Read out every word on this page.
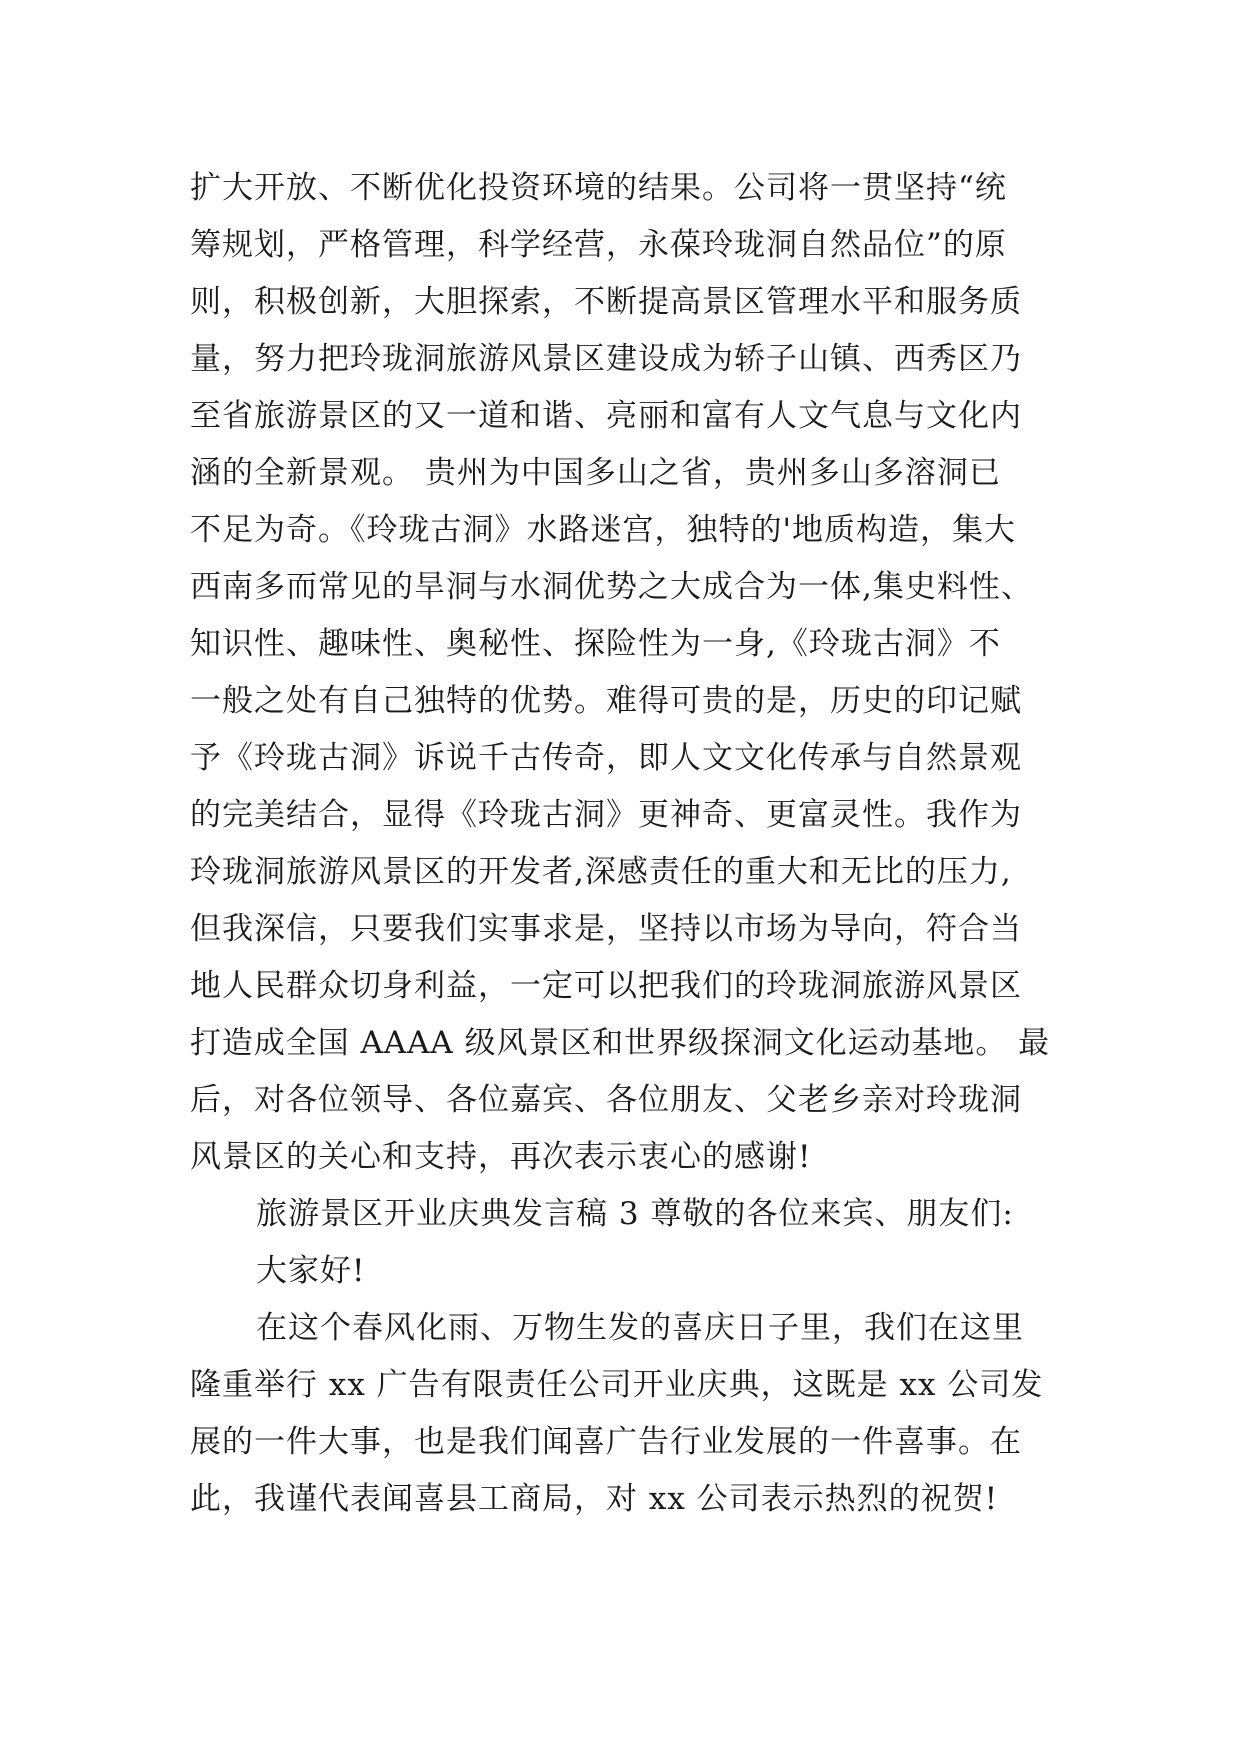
扩大开放、不断优化投资环境的结果。公司将一贯坚持“统
筹规划，严格管理，科学经营，永葆玲珑洞自然品位”的原
则，积极创新，大胆探索，不断提高景区管理水平和服务质
量，努力把玲珑洞旅游风景区建设成为轿子山镇、西秀区乃
至省旅游景区的又一道和谐、亮丽和富有人文气息与文化内
涵的全新景观。 贵州为中国多山之省，贵州多山多溶洞已
不足为奇。《玲珑古洞》水路迷宫，独特的'地质构造，集大
西南多而常见的旱洞与水洞优势之大成合为一体,集史料性、
知识性、趣味性、奥秘性、探险性为一身,《玲珑古洞》不
一般之处有自己独特的优势。难得可贵的是，历史的印记赋
予《玲珑古洞》诉说千古传奇，即人文文化传承与自然景观
的完美结合，显得《玲珑古洞》更神奇、更富灵性。我作为
玲珑洞旅游风景区的开发者,深感责任的重大和无比的压力,
但我深信，只要我们实事求是，坚持以市场为导向，符合当
地人民群众切身利益，一定可以把我们的玲珑洞旅游风景区
打造成全国 AAAA 级风景区和世界级探洞文化运动基地。 最
后，对各位领导、各位嘉宾、各位朋友、父老乡亲对玲珑洞
风景区的关心和支持，再次表示衷心的感谢!
旅游景区开业庆典发言稿 3 尊敬的各位来宾、朋友们:
大家好!
在这个春风化雨、万物生发的喜庆日子里，我们在这里
隆重举行 xx 广告有限责任公司开业庆典，这既是 xx 公司发
展的一件大事，也是我们闻喜广告行业发展的一件喜事。在
此，我谨代表闻喜县工商局，对 xx 公司表示热烈的祝贺!
